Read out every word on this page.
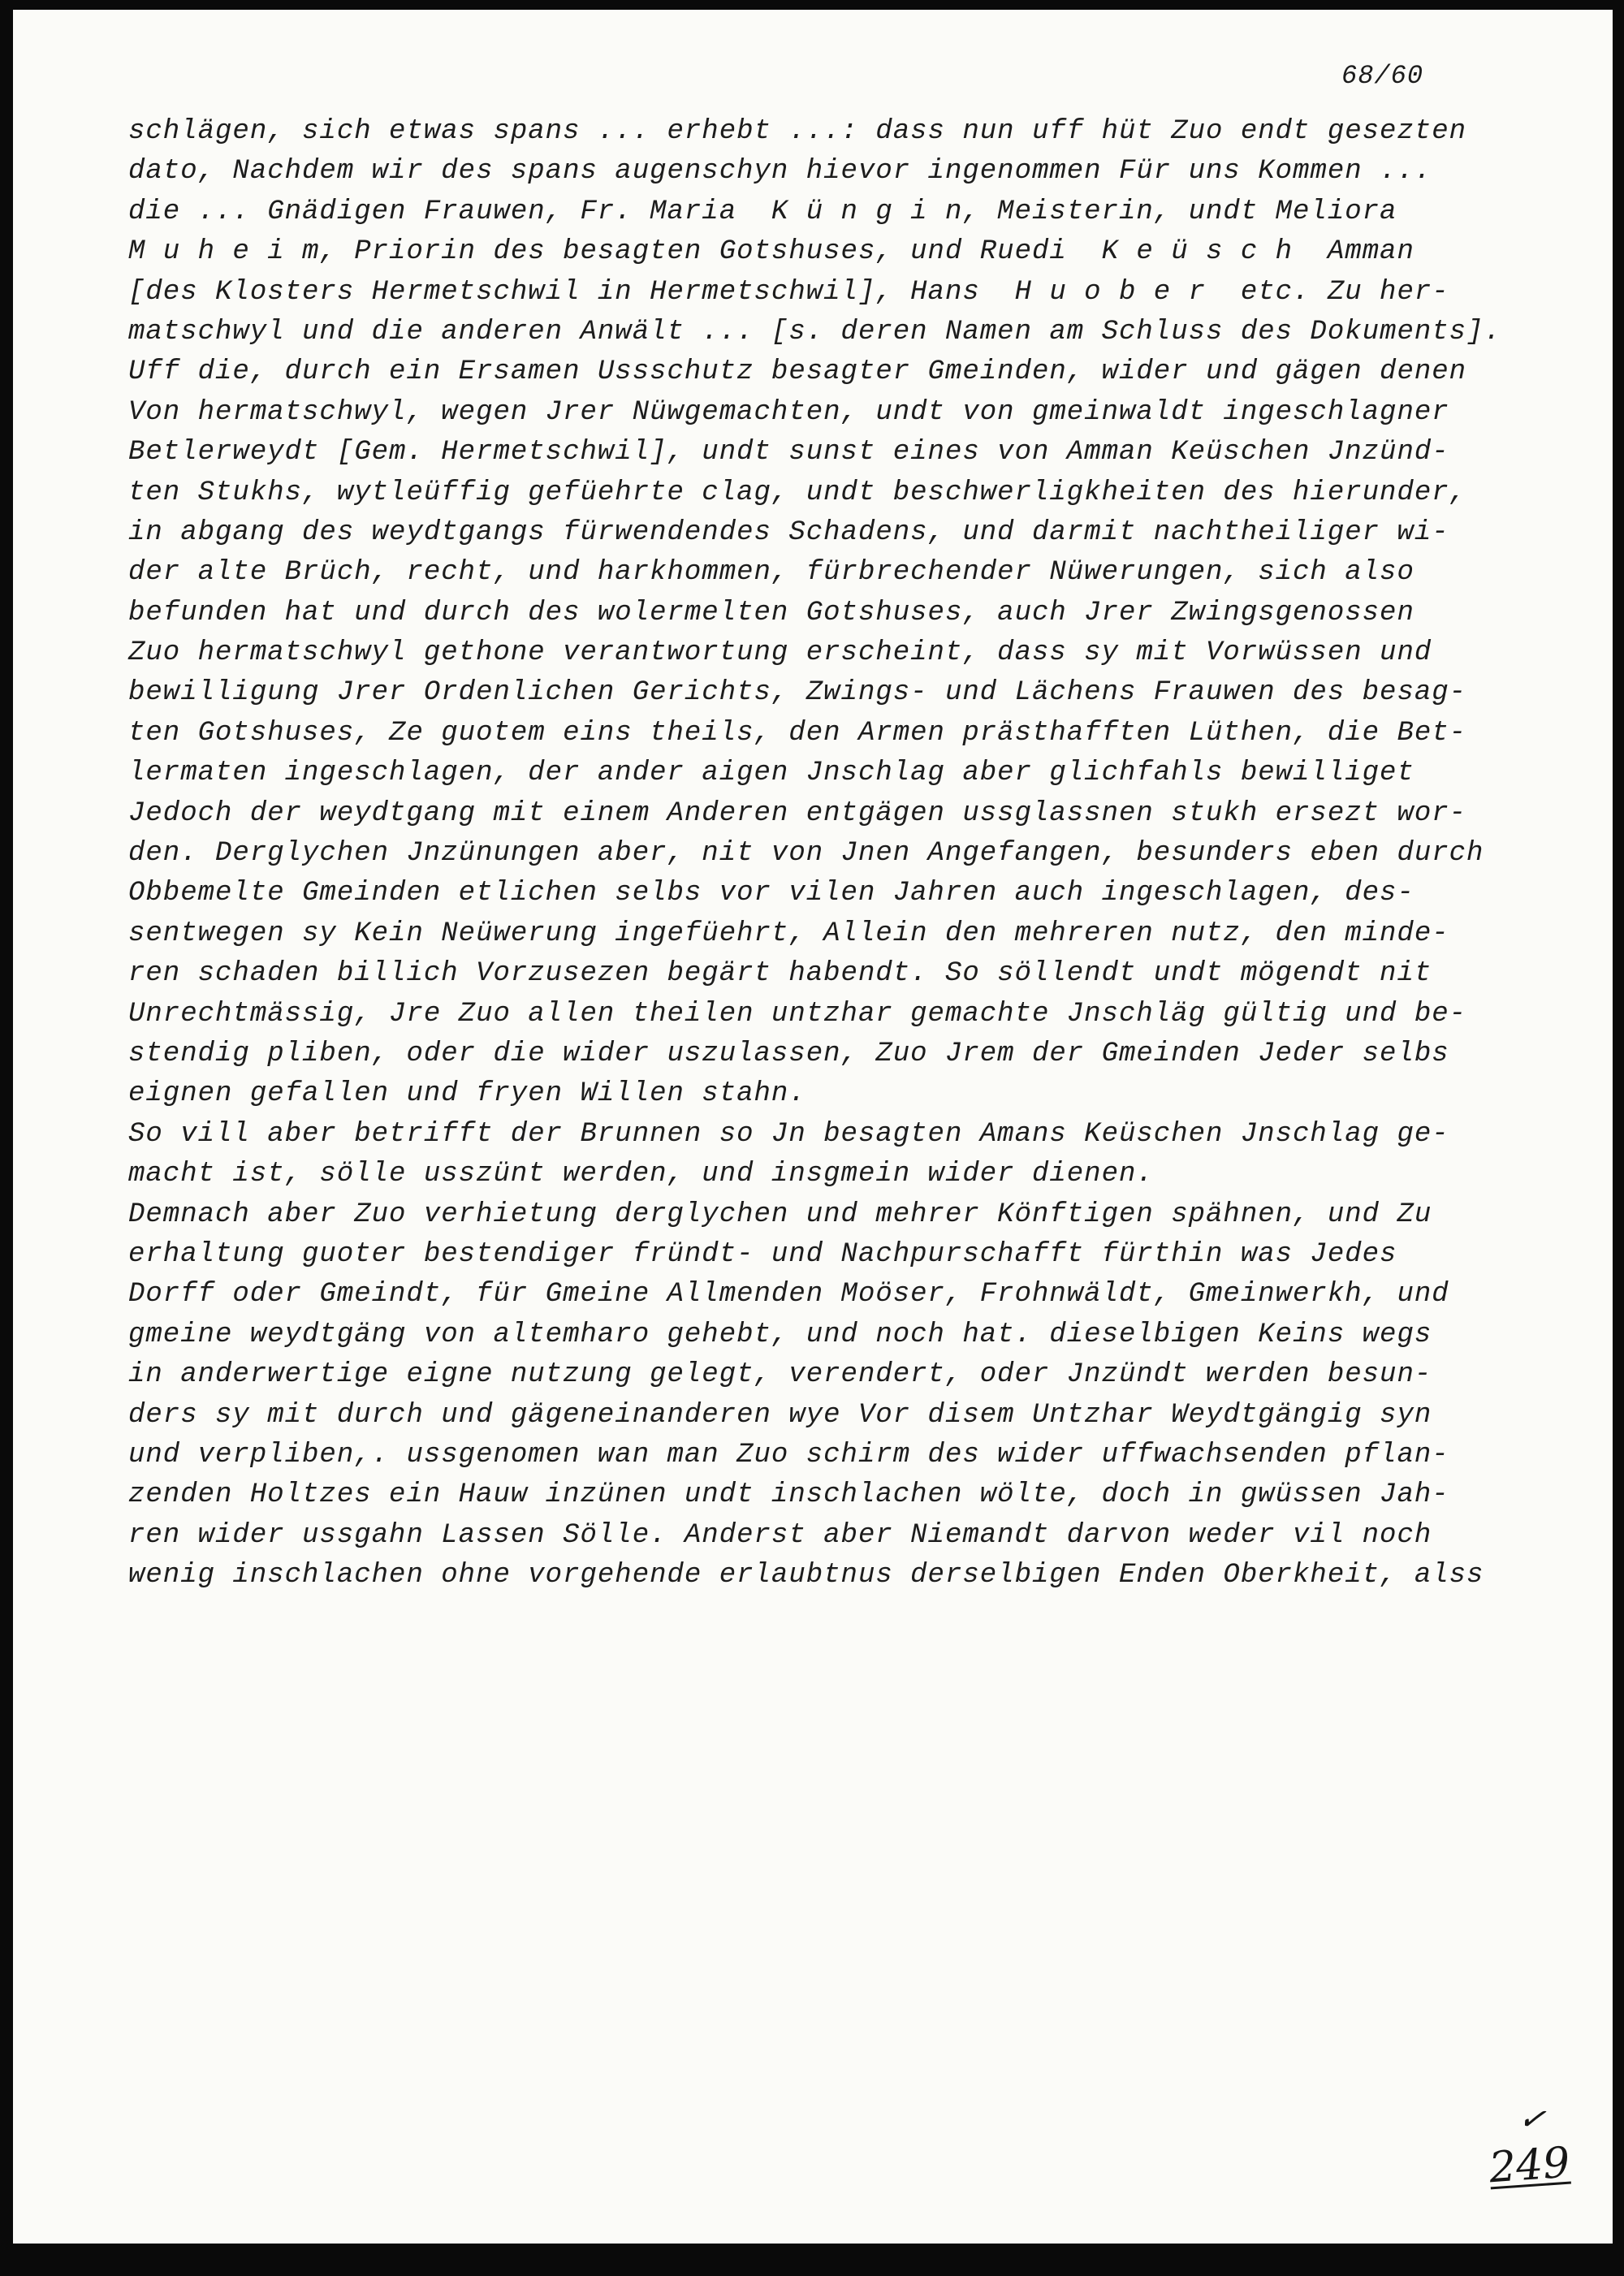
68/60
schlägen, sich etwas spans ... erhebt ...: dass nun uff hüt Zuo endt gesezten
dato, Nachdem wir des spans augenschyn hievor ingenommen Für uns Kommen ...
die ... Gnädigen Frauwen, Fr. Maria  K ü n g i n, Meisterin, undt Meliora
M u h e i m, Priorin des besagten Gotshuses, und Ruedi  K e ü s c h  Amman
[des Klosters Hermetschwil in Hermetschwil], Hans  H u o b e r  etc. Zu her-
matschwyl und die anderen Anwält ... [s. deren Namen am Schluss des Dokuments].
Uff die, durch ein Ersamen Ussschutz besagter Gmeinden, wider und gägen denen
Von hermatschwyl, wegen Jrer Nüwgemachten, undt von gmeinwaldt ingeschlagner
Betlerweydt [Gem. Hermetschwil], undt sunst eines von Amman Keüschen Jnzünd-
ten Stukhs, wytleüffig gefüehrte clag, undt beschwerligkheiten des hierunder,
in abgang des weydtgangs fürwendendes Schadens, und darmit nachtheiliger wi-
der alte Brüch, recht, und harkhommen, fürbrechender Nüwerungen, sich also
befunden hat und durch des wolermelten Gotshuses, auch Jrer Zwingsgenossen
Zuo hermatschwyl gethone verantwortung erscheint, dass sy mit Vorwüssen und
bewilligung Jrer Ordenlichen Gerichts, Zwings- und Lächens Frauwen des besag-
ten Gotshuses, Ze guotem eins theils, den Armen prästhafften Lüthen, die Bet-
lermaten ingeschlagen, der ander aigen Jnschlag aber glichfahls bewilliget
Jedoch der weydtgang mit einem Anderen entgägen ussglassnen stukh ersezt wor-
den. Derglychen Jnzünungen aber, nit von Jnen Angefangen, besunders eben durch
Obbemelte Gmeinden etlichen selbs vor vilen Jahren auch ingeschlagen, des-
sentwegen sy Kein Neüwerung ingefüehrt, Allein den mehreren nutz, den minde-
ren schaden billich Vorzusezen begärt habendt. So söllendt undt mögendt nit
Unrechtmässig, Jre Zuo allen theilen untzhar gemachte Jnschläg gültig und be-
stendig pliben, oder die wider uszulassen, Zuo Jrem der Gmeinden Jeder selbs
eignen gefallen und fryen Willen stahn.
So vill aber betrifft der Brunnen so Jn besagten Amans Keüschen Jnschlag ge-
macht ist, sölle usszünt werden, und insgmein wider dienen.
Demnach aber Zuo verhietung derglychen und mehrer Könftigen spähnen, und Zu
erhaltung guoter bestendiger fründt- und Nachpurschafft fürthin was Jedes
Dorff oder Gmeindt, für Gmeine Allmenden Moöser, Frohnwäldt, Gmeinwerkh, und
gmeine weydtgäng von altemharo gehebt, und noch hat. dieselbigen Keins wegs
in anderwertige eigne nutzung gelegt, verendert, oder Jnzündt werden besun-
ders sy mit durch und gägeneinanderen wye Vor disem Untzhar Weydtgängig syn
und verpliben,. ussgenomen wan man Zuo schirm des wider uffwachsenden pflan-
zenden Holtzes ein Hauw inzünen undt inschlachen wölte, doch in gwüssen Jah-
ren wider ussgahn Lassen Sölle. Anderst aber Niemandt darvon weder vil noch
wenig inschlachen ohne vorgehende erlaubtnus derselbigen Enden Oberkheit, alss
✓
249
